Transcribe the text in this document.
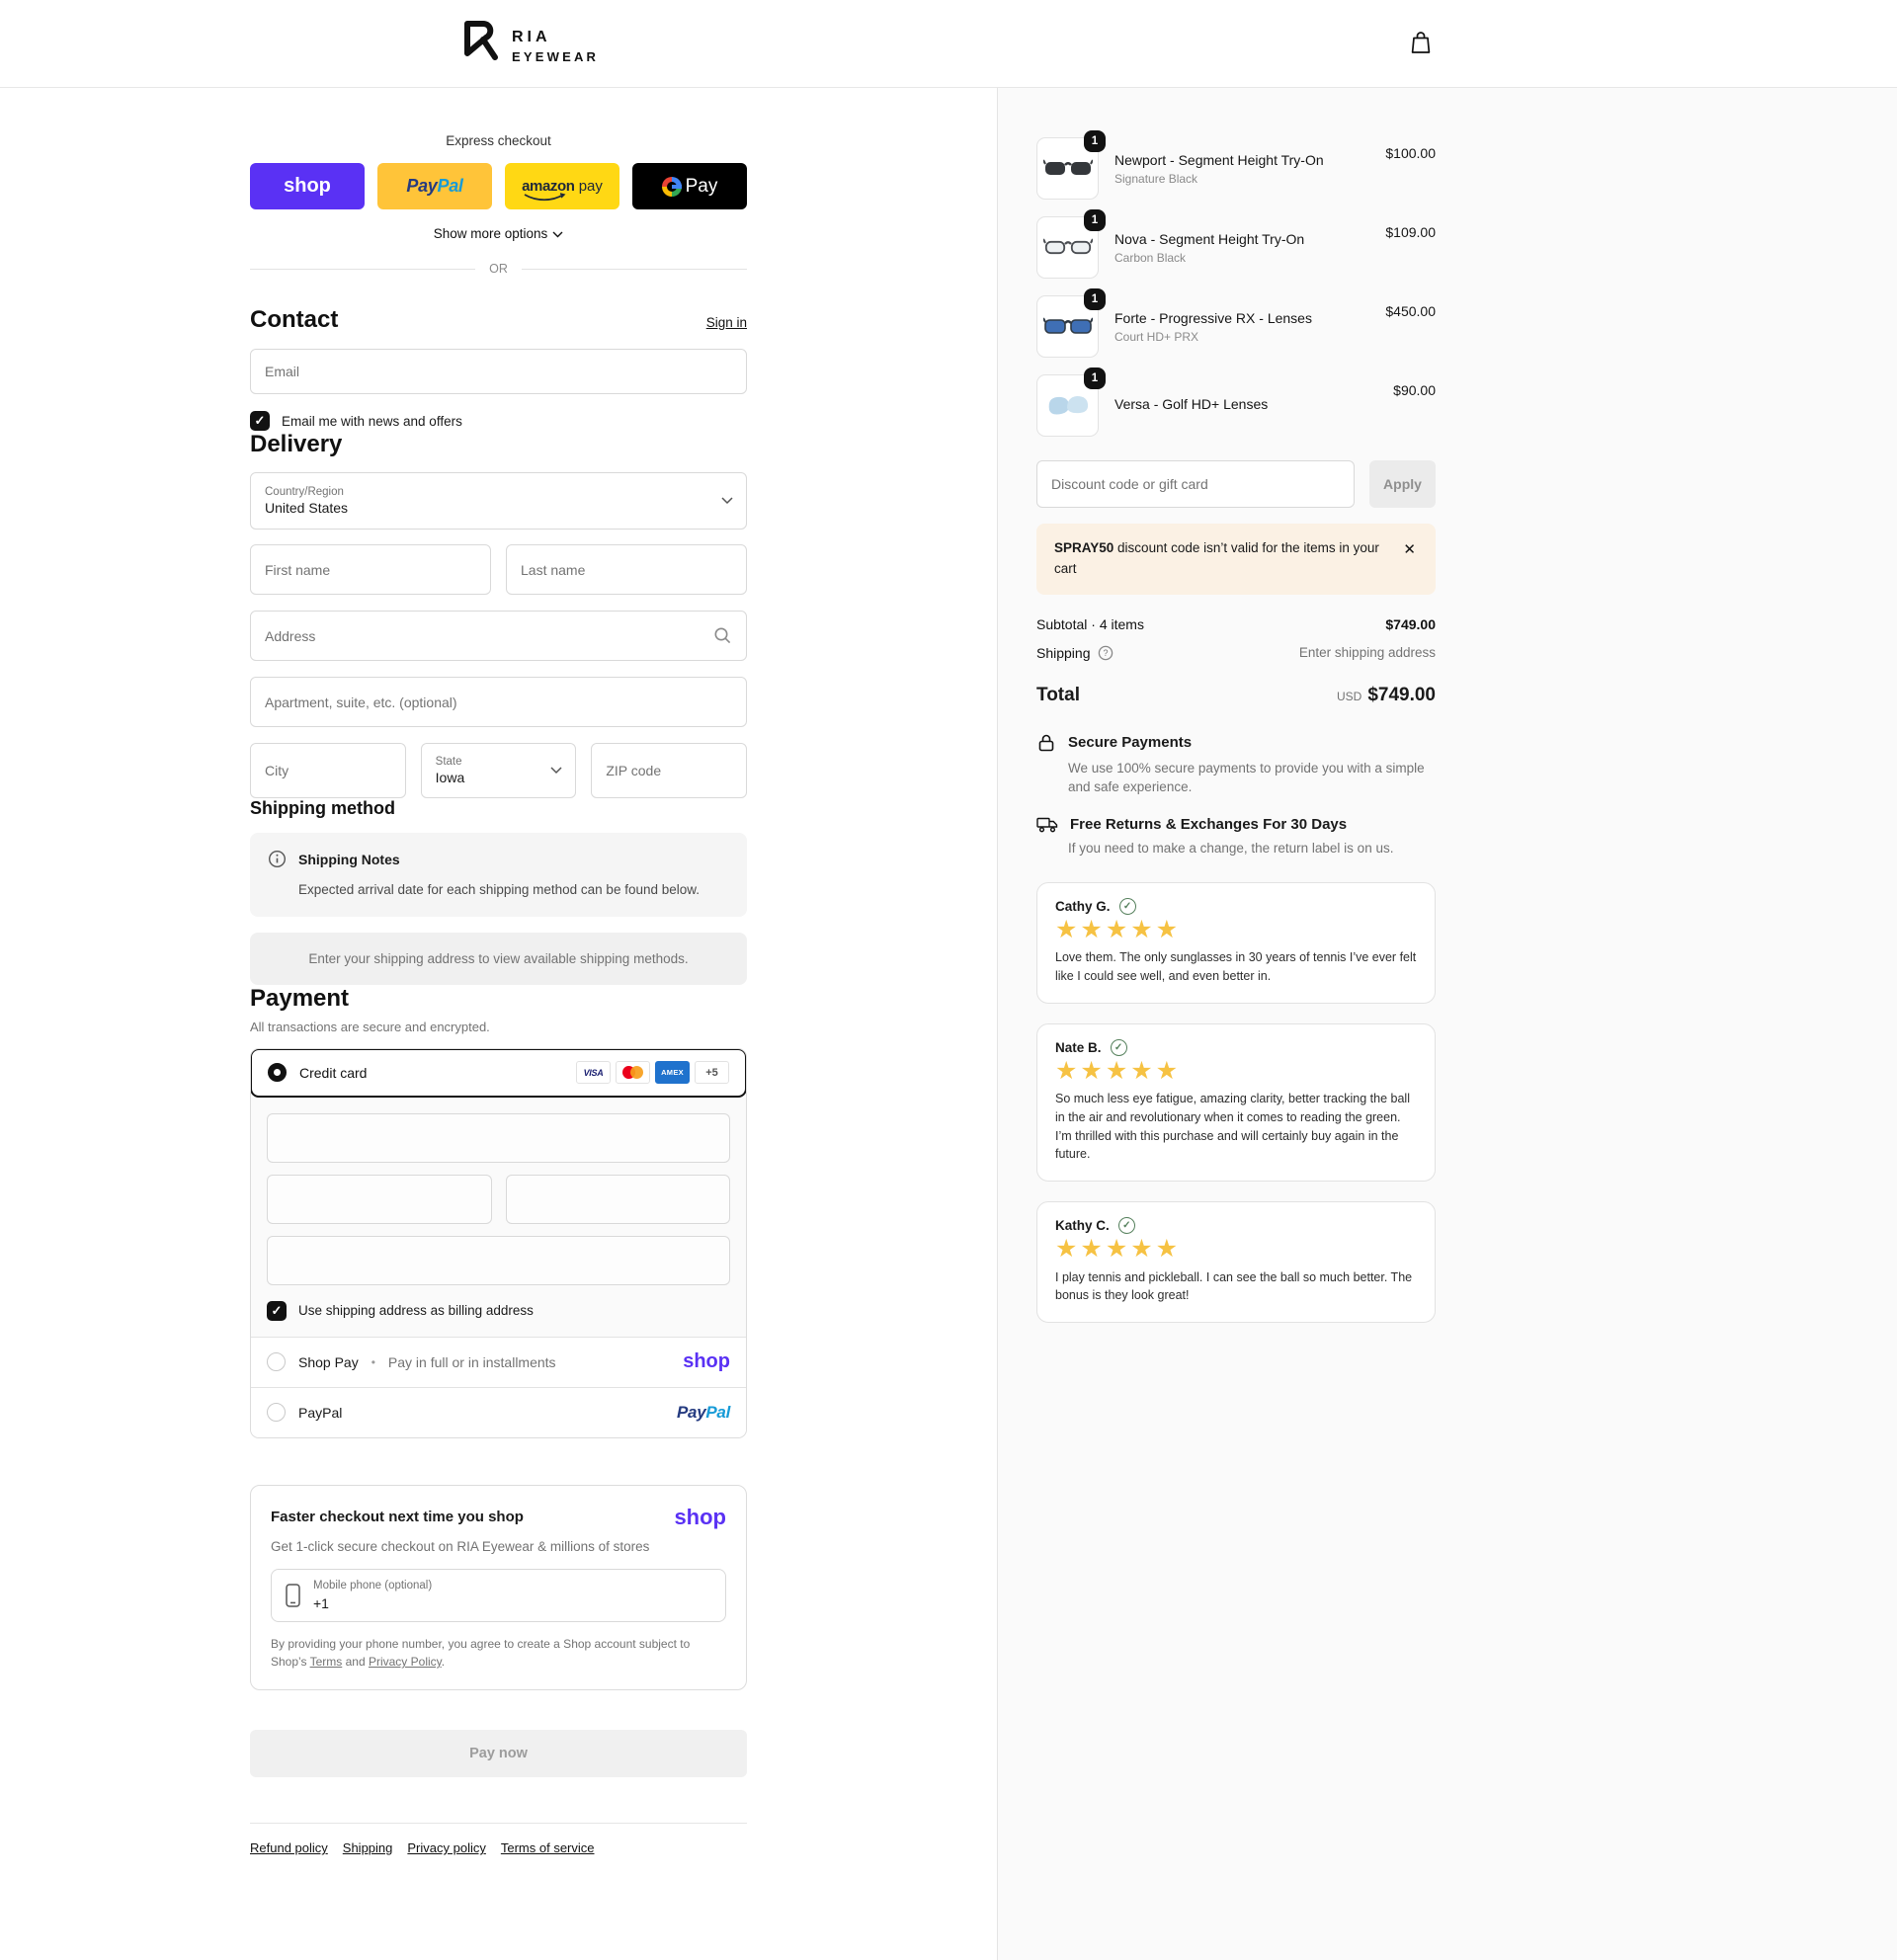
RIA
EYEWEAR
Express checkout
shop	PayPal	amazon pay	Pay
Show more options
OR
Contact	Sign in
Email
✓	Email me with news and offers
Delivery
Country/Region
United States
First name	Last name
Address
Apartment, suite, etc. (optional)
City
State
Iowa	ZIP code
Shipping method
Shipping Notes
Expected arrival date for each shipping method can be found below.
Enter your shipping address to view available shipping methods.
Payment
All transactions are secure and encrypted.
Credit card	VISA	AMEX	+5
✓	Use shipping address as billing address
Shop Pay • Pay in full or in installments	shop
PayPal	PayPal
Faster checkout next time you shop	shop
Get 1-click secure checkout on RIA Eyewear & millions of stores
Mobile phone (optional)
+1
By providing your phone number, you agree to create a Shop account subject to Shop’s Terms and Privacy Policy.
Pay now
Refund policy Shipping Privacy policy Terms of service
1
Newport - Segment Height Try-On
Signature Black
$100.00
1
Nova - Segment Height Try-On
Carbon Black
$109.00
1
Forte - Progressive RX - Lenses
Court HD+ PRX
$450.00
1
Versa - Golf HD+ Lenses
$90.00
Discount code or gift card	Apply
SPRAY50 discount code isn’t valid for the items in your cart
✕
Subtotal · 4 items	$749.00
Shipping ?	Enter shipping address
Total	USD $749.00
Secure Payments
We use 100% secure payments to provide you with a simple and safe experience.
Free Returns & Exchanges For 30 Days
If you need to make a change, the return label is on us.
Cathy G.	✓
★★★★★
Love them. The only sunglasses in 30 years of tennis I’ve ever felt like I could see well, and even better in.
Nate B.	✓
★★★★★
So much less eye fatigue, amazing clarity, better tracking the ball in the air and revolutionary when it comes to reading the green. I’m thrilled with this purchase and will certainly buy again in the future.
Kathy C.	✓
★★★★★
I play tennis and pickleball. I can see the ball so much better. The bonus is they look great!
